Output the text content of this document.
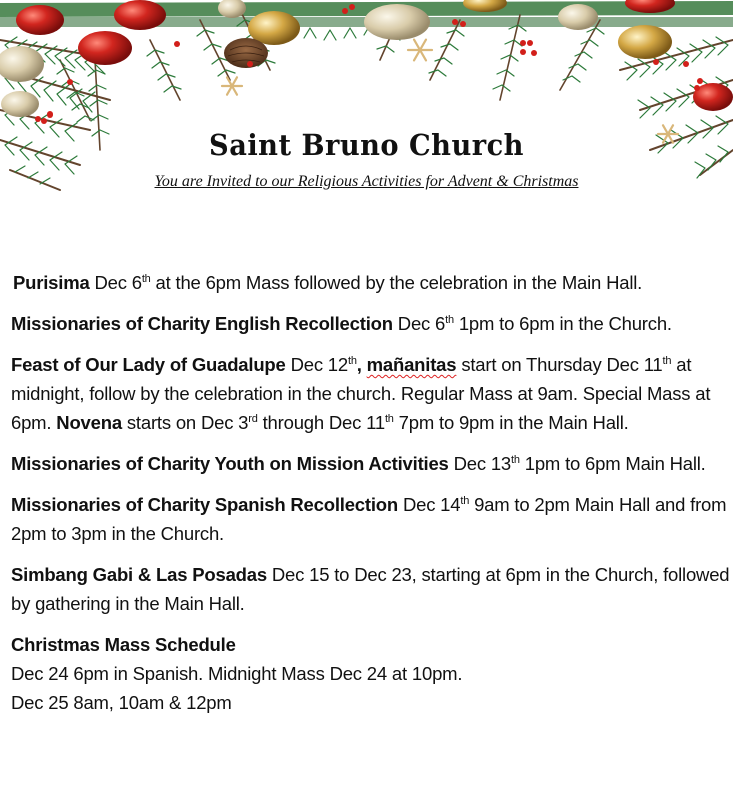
Saint Bruno Church
You are Invited to our Religious Activities for Advent & Christmas

Purisima Dec 6th at the 6pm Mass followed by the celebration in the Main Hall.

Missionaries of Charity English Recollection Dec 6th 1pm to 6pm in the Church.

Feast of Our Lady of Guadalupe Dec 12th, mañanitas start on Thursday Dec 11th at midnight, follow by the celebration in the church. Regular Mass at 9am. Special Mass at 6pm. Novena starts on Dec 3rd through Dec 11th 7pm to 9pm in the Main Hall.

Missionaries of Charity Youth on Mission Activities Dec 13th 1pm to 6pm Main Hall.

Missionaries of Charity Spanish Recollection Dec 14th 9am to 2pm Main Hall and from 2pm to 3pm in the Church.

Simbang Gabi & Las Posadas Dec 15 to Dec 23, starting at 6pm in the Church, followed by gathering in the Main Hall.

Christmas Mass Schedule
Dec 24 6pm in Spanish. Midnight Mass Dec 24 at 10pm.
Dec 25 8am, 10am & 12pm
